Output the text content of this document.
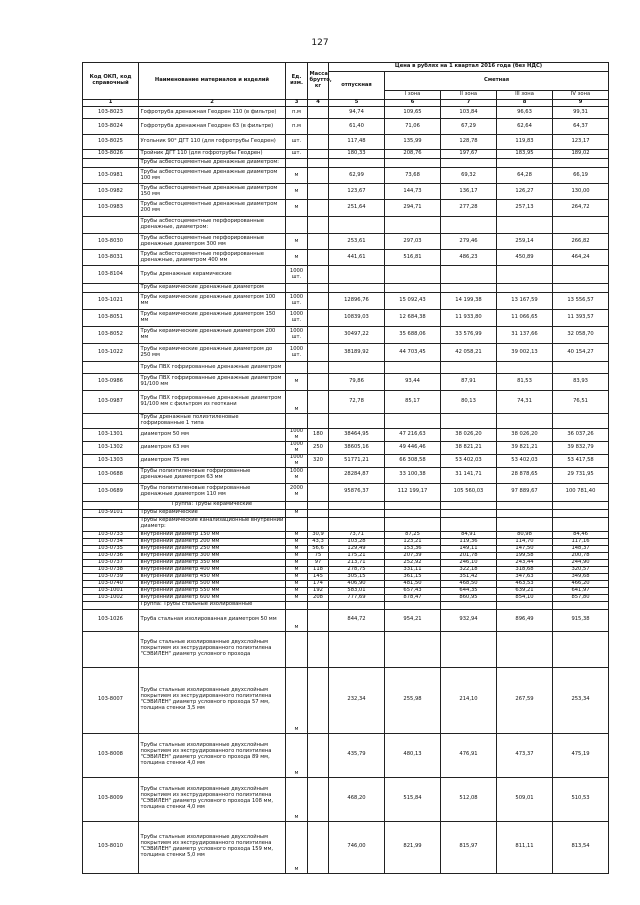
127
Код ОКП, код справочный	Наименование материалов и изделий	Ед. изм.	Масса брутто, кг	Цена в рублях на 1 квартал 2016 года (без НДС)				
				отпускная	Сметная			
					I зона	II зона	III зона	IV зона
1	2	3	4	5	6	7	8	9
103-8023	Гофротруба дренажная Геодрен 110 (в фильтре)	п.м		94,74	109,65	103,84	96,63	99,31
103-8024	Гофротруба дренажная Геодрен 63 (в фильтре)	п.м		61,40	71,06	67,29	62,64	64,37
103-8025	Угольник 90° ДГТ 110 (для гофротрубы Геодрен)	шт.		117,48	135,99	128,78	119,83	123,17
103-8026	Тройник ДГТ 110 (для гофротрубы Геодрен)	шт.		180,33	208,76	197,67	183,95	189,02
	Трубы асбестоцементные дренажные диаметром:							
103-0981	Трубы асбестоцементные дренажные диаметром 100 мм	м		62,99	73,68	69,32	64,28	66,19
103-0982	Трубы асбестоцементные дренажные диаметром 150 мм	м		123,67	144,73	136,17	126,27	130,00
103-0983	Трубы асбестоцементные дренажные диаметром 200 мм	м		251,64	294,71	277,28	257,13	264,72
	Трубы асбестоцементные перфорированные дренажные, диаметром:							
103-8030	Трубы асбестоцементные перфорированные дренажные диаметром 300 мм	м		253,61	297,03	279,46	259,14	266,82
103-8031	Трубы асбестоцементные перфорированные дренажные, диаметром 400 мм	м		441,61	516,81	486,23	450,89	464,24
103-8104	Трубы дренажные керамические	1000 шт.						
	Трубы керамические дренажные диаметром							
103-1021	Трубы керамические дренажные диаметром 100 мм	1000 шт.		12896,76	15 092,43	14 199,38	13 167,59	13 556,57
103-8051	Трубы керамические дренажные диаметром 150 мм	1000 шт.		10839,03	12 684,38	11 933,80	11 066,65	11 393,57
103-8052	Трубы керамические дренажные диаметром 200 мм	1000 шт.		30497,22	35 688,06	33 576,99	31 137,66	32 058,70
103-1022	Трубы керамические дренажные диаметром до 250 мм	1000 шт.		38189,92	44 703,45	42 058,21	39 002,13	40 154,27
	Трубы ПВХ гофрированные дренажные диаметром							
103-0986	Трубы ПВХ гофрированные дренажные диаметром 91/100 мм	м		79,86	93,44	87,91	81,53	83,93
103-0987	Трубы ПВХ гофрированные дренажные диаметром 91/100 мм с фильтром из геоткани	м		72,78	85,17	80,13	74,31	76,51
	Трубы дренажные полиэтиленовые гофрированные 1 типа							
103-1301	диаметром 50 мм	1000 м	180	38464,95	47 216,63	38 026,20	38 026,20	36 037,26
103-1302	диаметром 63 мм	1000 м	250	38605,16	49 446,46	38 821,21	39 821,21	39 832,79
103-1303	диаметром 75 мм	1000 м	320	51771,21	66 308,58	53 402,03	53 402,03	53 417,58
103-0688	Трубы полиэтиленовые гофрированные дренажные диаметром 63 мм	1000 м		28284,87	33 100,38	31 141,71	28 878,65	29 731,95
103-0689	Трубы полиэтиленовые гофрированные дренажные диаметром 110 мм	2000 м		95876,37	112 199,17	105 560,03	97 889,67	100 781,40
	Группа: Трубы керамические							
103-9101	Трубы керамические	м						
	Трубы керамические канализационные внутренний диаметр:							
103-0733	внутренний диаметр 150 мм	м	30,9	73,71	87,25	84,91	80,98	84,46
103-0734	внутренний диаметр 200 мм	м	43,3	103,28	123,21	119,36	114,70	117,16
103-0735	внутренний диаметр 250 мм	м	56,6	129,49	153,36	149,11	147,50	148,37
103-0736	внутренний диаметр 300 мм	м	75	175,21	207,39	201,78	199,58	200,78
103-0737	внутренний диаметр 350 мм	м	97	213,71	252,92	246,10	243,44	244,90
103-0738	внутренний диаметр 400 мм	м	118	278,75	331,11	322,18	318,68	320,57
103-0739	внутренний диаметр 450 мм	м	145	305,15	361,15	351,42	347,63	349,68
103-0740	внутренний диаметр 500 мм	м	174	406,90	481,50	468,50	463,53	466,20
103-1001	внутренний диаметр 550 мм	м	192	583,01	657,43	644,35	639,21	641,97
103-1002	внутренний диаметр 600 мм	м	208	777,69	878,47	860,95	854,10	857,80
	Группа: Трубы стальные изолированные							
103-1026	Труба стальная изолированная диаметром 50 мм	м		844,72	954,21	932,94	896,49	915,38
	Трубы стальные изолированные двухслойным покрытием из экструдированного полиэтилена "СЭВИЛЕН" диаметр условного прохода							
103-8007	Трубы стальные изолированные двухслойным покрытием из экструдированного полиэтилена "СЭВИЛЕН" диаметр условного прохода 57 мм, толщина стенки 3,5 мм	м		232,34	255,98	214,10	267,59	253,34
103-8008	Трубы стальные изолированные двухслойным покрытием из экструдированного полиэтилена "СЭВИЛЕН" диаметр условного прохода 89 мм, толщина стенки 4,0 мм	м		435,79	480,13	476,91	473,37	475,19
103-8009	Трубы стальные изолированные двухслойным покрытием из экструдированного полиэтилена "СЭВИЛЕН" диаметр условного прохода 108 мм, толщина стенки 4,0 мм	м		468,20	515,84	512,08	509,01	510,53
103-8010	Трубы стальные изолированные двухслойным покрытием из экструдированного полиэтилена "СЭВИЛЕН" диаметр условного прохода 159 мм, толщина стенки 5,0 мм	м		746,00	821,99	815,97	811,11	813,54
